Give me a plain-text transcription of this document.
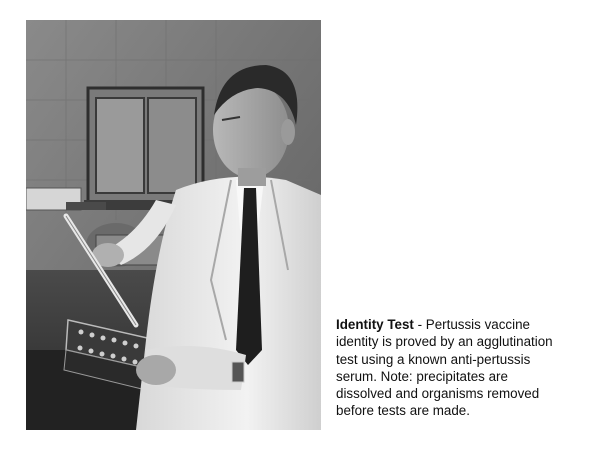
Identity Test - Pertussis vaccine
identity is proved by an agglutination
test using a known anti-pertussis
serum. Note: precipitates are
dissolved and organisms removed
before tests are made.
